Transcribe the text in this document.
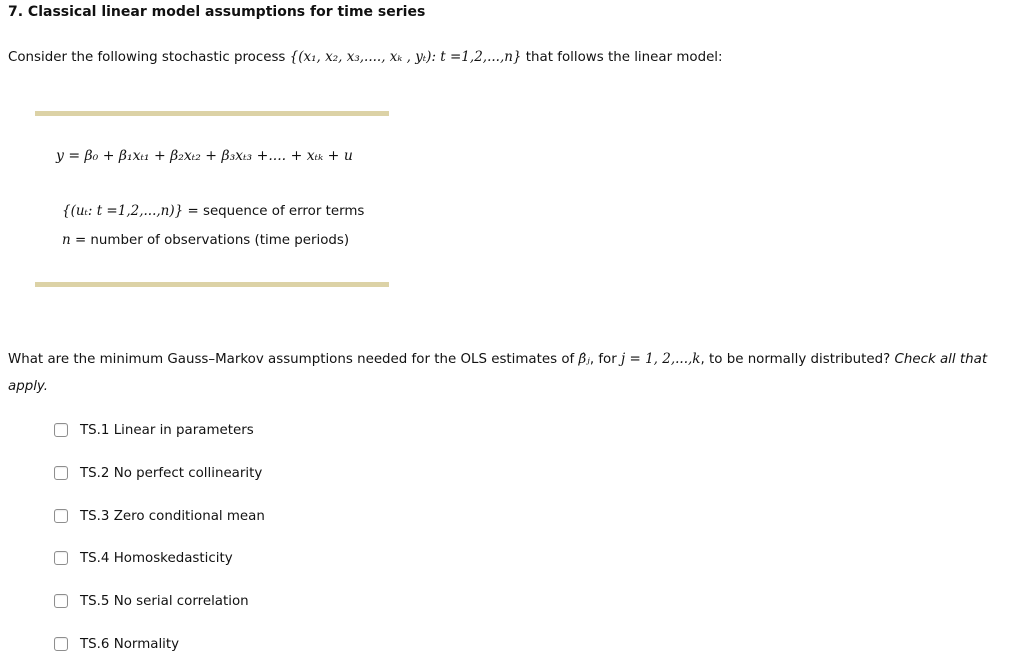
7. Classical linear model assumptions for time series
Consider the following stochastic process {(x₁, x₂, x₃,...., xₖ , yₜ): t =1,2,...,n} that follows the linear model:
y = β₀ + β₁xₜ₁ + β₂xₜ₂ + β₃xₜ₃ +.... + xₜₖ + u
{(uₜ: t =1,2,...,n)} = sequence of error terms
n = number of observations (time periods)
What are the minimum Gauss–Markov assumptions needed for the OLS estimates of β̂ⱼ, for j = 1, 2,...,k, to be normally distributed? Check all that apply.
TS.1 Linear in parameters
TS.2 No perfect collinearity
TS.3 Zero conditional mean
TS.4 Homoskedasticity
TS.5 No serial correlation
TS.6 Normality
